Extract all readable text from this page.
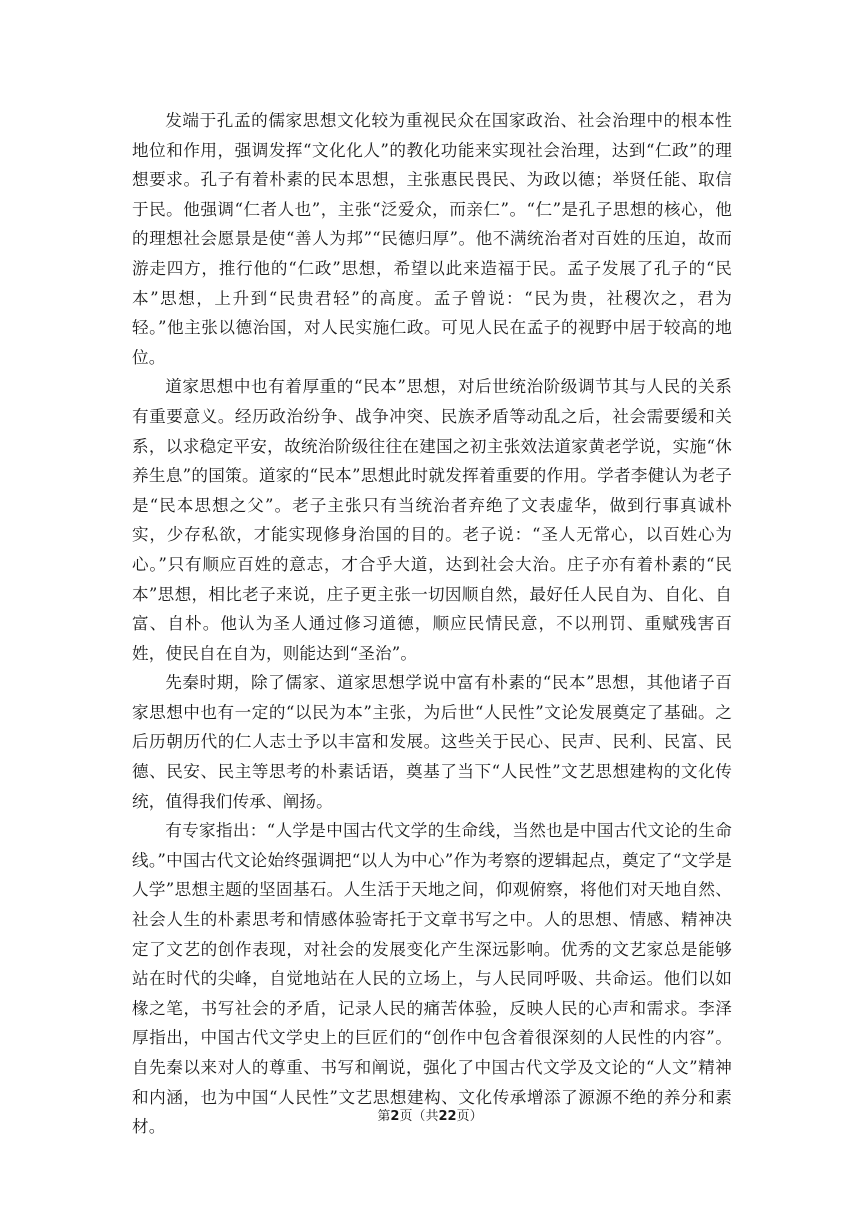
发端于孔孟的儒家思想文化较为重视民众在国家政治、社会治理中的根本性地位和作用，强调发挥“文化化人”的教化功能来实现社会治理，达到“仁政”的理想要求。孔子有着朴素的民本思想，主张惠民畏民、为政以德；举贤任能、取信于民。他强调“仁者人也”，主张“泛爱众，而亲仁”。“仁”是孔子思想的核心，他的理想社会愿景是使“善人为邦”“民德归厚”。他不满统治者对百姓的压迫，故而游走四方，推行他的“仁政”思想，希望以此来造福于民。孟子发展了孔子的“民本”思想，上升到“民贵君轻”的高度。孟子曾说：“民为贵，社稷次之，君为轻。”他主张以德治国，对人民实施仁政。可见人民在孟子的视野中居于较高的地位。

道家思想中也有着厚重的“民本”思想，对后世统治阶级调节其与人民的关系有重要意义。经历政治纷争、战争冲突、民族矛盾等动乱之后，社会需要缓和关系，以求稳定平安，故统治阶级往往在建国之初主张效法道家黄老学说，实施“休养生息”的国策。道家的“民本”思想此时就发挥着重要的作用。学者李健认为老子是“民本思想之父”。老子主张只有当统治者弃绝了文表虚华，做到行事真诚朴实，少存私欲，才能实现修身治国的目的。老子说：“圣人无常心，以百姓心为心。”只有顺应百姓的意志，才合乎大道，达到社会大治。庄子亦有着朴素的“民本”思想，相比老子来说，庄子更主张一切因顺自然，最好任人民自为、自化、自富、自朴。他认为圣人通过修习道德，顺应民情民意，不以刑罚、重赋残害百姓，使民自在自为，则能达到“圣治”。

先秦时期，除了儒家、道家思想学说中富有朴素的“民本”思想，其他诸子百家思想中也有一定的“以民为本”主张，为后世“人民性”文论发展奠定了基础。之后历朝历代的仁人志士予以丰富和发展。这些关于民心、民声、民利、民富、民德、民安、民主等思考的朴素话语，奠基了当下“人民性”文艺思想建构的文化传统，值得我们传承、阐扬。

有专家指出：“人学是中国古代文学的生命线，当然也是中国古代文论的生命线。”中国古代文论始终强调把“以人为中心”作为考察的逻辑起点，奠定了“文学是人学”思想主题的坚固基石。人生活于天地之间，仰观俯察，将他们对天地自然、社会人生的朴素思考和情感体验寄托于文章书写之中。人的思想、情感、精神决定了文艺的创作表现，对社会的发展变化产生深远影响。优秀的文艺家总是能够站在时代的尖峰，自觉地站在人民的立场上，与人民同呼吸、共命运。他们以如椽之笔，书写社会的矛盾，记录人民的痛苦体验，反映人民的心声和需求。李泽厚指出，中国古代文学史上的巨匠们的“创作中包含着很深刻的人民性的内容”。自先秦以来对人的尊重、书写和阐说，强化了中国古代文学及文论的“人文”精神和内涵，也为中国“人民性”文艺思想建构、文化传承增添了源源不绝的养分和素材。

第2页（共22页）
